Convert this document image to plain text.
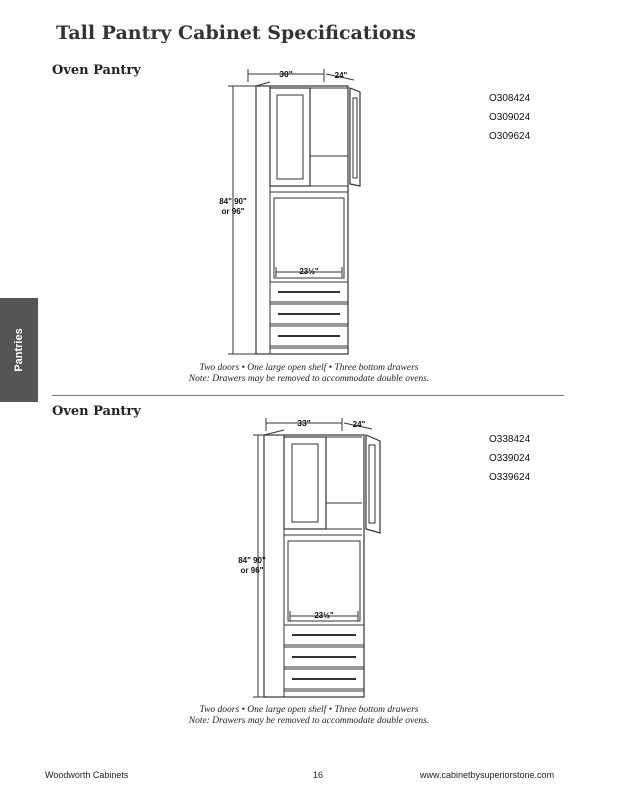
Tall Pantry Cabinet Specifications
Oven Pantry	30"	24"
84" 90"
or 96"
23½"
O308424
O309024
O309624
Two doors • One large open shelf • Three bottom drawers
Note: Drawers may be removed to accommodate double ovens.
Pantries
Oven Pantry
33"	24"
84" 90"
or 96"
23½"
O338424
O339024
O339624
Two doors • One large open shelf • Three bottom drawers
Note: Drawers may be removed to accommodate double ovens.
Woodworth Cabinets	16	www.cabinetbysuperiorstone.com
